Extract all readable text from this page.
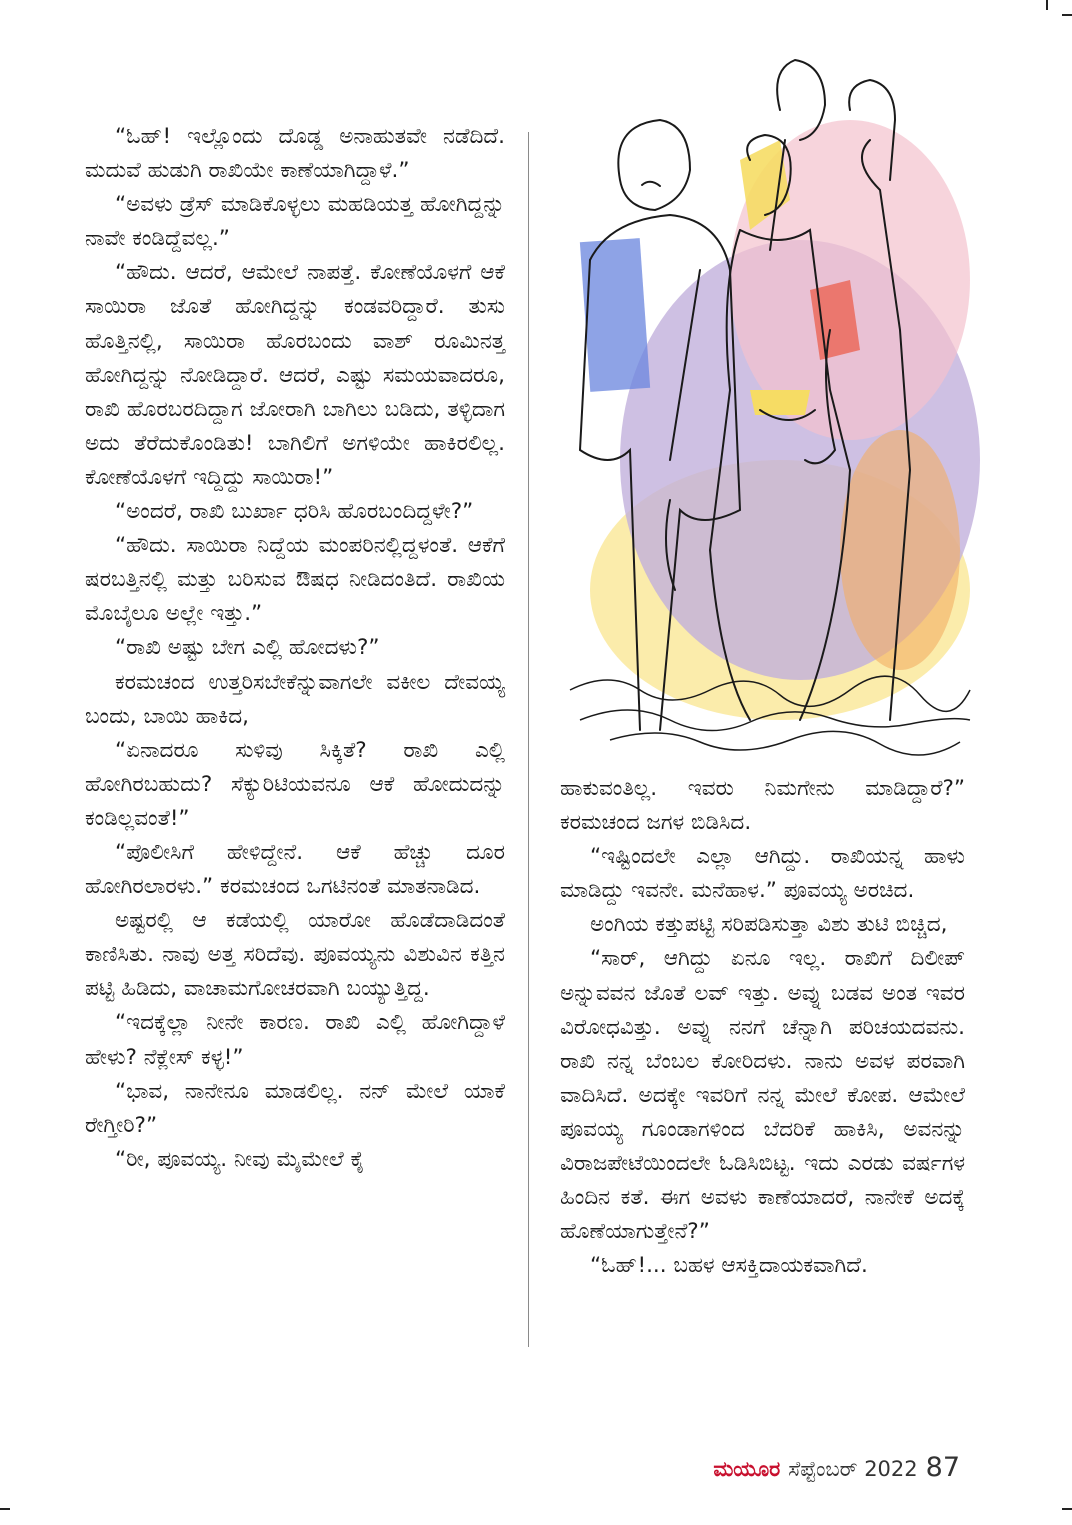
“ಓಹ್! ಇಲ್ಲೊಂದು ದೊಡ್ಡ ಅನಾಹುತವೇ ನಡೆದಿದೆ. ಮದುವೆ ಹುಡುಗಿ ರಾಖಿಯೇ ಕಾಣೆಯಾಗಿದ್ದಾಳೆ.”

“ಅವಳು ಡ್ರೆಸ್ ಮಾಡಿಕೊಳ್ಳಲು ಮಹಡಿಯತ್ತ ಹೋಗಿದ್ದನ್ನು ನಾವೇ ಕಂಡಿದ್ದೆವಲ್ಲ.”

“ಹೌದು. ಆದರೆ, ಆಮೇಲೆ ನಾಪತ್ತೆ. ಕೋಣೆಯೊಳಗೆ ಆಕೆ ಸಾಯಿರಾ ಜೊತೆ ಹೋಗಿದ್ದನ್ನು ಕಂಡವರಿದ್ದಾರೆ. ತುಸು ಹೊತ್ತಿನಲ್ಲಿ, ಸಾಯಿರಾ ಹೊರಬಂದು ವಾಶ್ ರೂಮಿನತ್ತ ಹೋಗಿದ್ದನ್ನು ನೋಡಿದ್ದಾರೆ. ಆದರೆ, ಎಷ್ಟು ಸಮಯವಾದರೂ, ರಾಖಿ ಹೊರಬರದಿದ್ದಾಗ ಜೋರಾಗಿ ಬಾಗಿಲು ಬಡಿದು, ತಳ್ಳಿದಾಗ ಅದು ತೆರೆದುಕೊಂಡಿತು! ಬಾಗಿಲಿಗೆ ಅಗಳಿಯೇ ಹಾಕಿರಲಿಲ್ಲ. ಕೋಣೆಯೊಳಗೆ ಇದ್ದಿದ್ದು ಸಾಯಿರಾ!”

“ಅಂದರೆ, ರಾಖಿ ಬುರ್ಖಾ ಧರಿಸಿ ಹೊರಬಂದಿದ್ದಳೇ?”

“ಹೌದು. ಸಾಯಿರಾ ನಿದ್ದೆಯ ಮಂಪರಿನಲ್ಲಿದ್ದಳಂತೆ. ಆಕೆಗೆ ಷರಬತ್ತಿನಲ್ಲಿ ಮತ್ತು ಬರಿಸುವ ಔಷಧ ನೀಡಿದಂತಿದೆ. ರಾಖಿಯ ಮೊಬೈಲೂ ಅಲ್ಲೇ ಇತ್ತು.”

“ರಾಖಿ ಅಷ್ಟು ಬೇಗ ಎಲ್ಲಿ ಹೋದಳು?”

ಕರಮಚಂದ ಉತ್ತರಿಸಬೇಕೆನ್ನುವಾಗಲೇ ವಕೀಲ ದೇವಯ್ಯ ಬಂದು, ಬಾಯಿ ಹಾಕಿದ,

“ಏನಾದರೂ ಸುಳಿವು ಸಿಕ್ಕಿತೆ? ರಾಖಿ ಎಲ್ಲಿ ಹೋಗಿರಬಹುದು? ಸೆಕ್ಯುರಿಟಿಯವನೂ ಆಕೆ ಹೋದುದನ್ನು ಕಂಡಿಲ್ಲವಂತೆ!”

“ಪೊಲೀಸಿಗೆ ಹೇಳಿದ್ದೇನೆ. ಆಕೆ ಹೆಚ್ಚು ದೂರ ಹೋಗಿರಲಾರಳು.” ಕರಮಚಂದ ಒಗಟಿನಂತೆ ಮಾತನಾಡಿದ.

ಅಷ್ಟರಲ್ಲಿ ಆ ಕಡೆಯಲ್ಲಿ ಯಾರೋ ಹೊಡೆದಾಡಿದಂತೆ ಕಾಣಿಸಿತು. ನಾವು ಅತ್ತ ಸರಿದೆವು. ಪೂವಯ್ಯನು ವಿಶುವಿನ ಕತ್ತಿನ ಪಟ್ಟಿ ಹಿಡಿದು, ವಾಚಾಮಗೋಚರವಾಗಿ ಬಯ್ಯುತ್ತಿದ್ದ.

“ಇದಕ್ಕೆಲ್ಲಾ ನೀನೇ ಕಾರಣ. ರಾಖಿ ಎಲ್ಲಿ ಹೋಗಿದ್ದಾಳೆ ಹೇಳು? ನೆಕ್ಲೇಸ್ ಕಳ್ಳ!”

“ಭಾವ, ನಾನೇನೂ ಮಾಡಲಿಲ್ಲ. ನನ್ ಮೇಲೆ ಯಾಕೆ ರೇಗ್ತೀರಿ?”

“ರೀ, ಪೂವಯ್ಯ. ನೀವು ಮೈಮೇಲೆ ಕೈ

ಹಾಕುವಂತಿಲ್ಲ. ಇವರು ನಿಮಗೇನು ಮಾಡಿದ್ದಾರೆ?” ಕರಮಚಂದ ಜಗಳ ಬಿಡಿಸಿದ.

“ಇಷ್ಟಿಂದಲೇ ಎಲ್ಲಾ ಆಗಿದ್ದು. ರಾಖಿಯನ್ನ ಹಾಳು ಮಾಡಿದ್ದು ಇವನೇ. ಮನೆಹಾಳ.” ಪೂವಯ್ಯ ಅರಚಿದ.

ಅಂಗಿಯ ಕತ್ತುಪಟ್ಟಿ ಸರಿಪಡಿಸುತ್ತಾ ವಿಶು ತುಟಿ ಬಿಚ್ಚಿದ,

“ಸಾರ್, ಆಗಿದ್ದು ಏನೂ ಇಲ್ಲ. ರಾಖಿಗೆ ದಿಲೀಪ್ ಅನ್ನುವವನ ಜೊತೆ ಲವ್ ಇತ್ತು. ಅವ್ನು ಬಡವ ಅಂತ ಇವರ ವಿರೋಧವಿತ್ತು. ಅವ್ನು ನನಗೆ ಚೆನ್ನಾಗಿ ಪರಿಚಯದವನು. ರಾಖಿ ನನ್ನ ಬೆಂಬಲ ಕೋರಿದಳು. ನಾನು ಅವಳ ಪರವಾಗಿ ವಾದಿಸಿದೆ. ಅದಕ್ಕೇ ಇವರಿಗೆ ನನ್ನ ಮೇಲೆ ಕೋಪ. ಆಮೇಲೆ ಪೂವಯ್ಯ ಗೂಂಡಾಗಳಿಂದ ಬೆದರಿಕೆ ಹಾಕಿಸಿ, ಅವನನ್ನು ವಿರಾಜಪೇಟೆಯಿಂದಲೇ ಓಡಿಸಿಬಿಟ್ಟ. ಇದು ಎರಡು ವರ್ಷಗಳ ಹಿಂದಿನ ಕತೆ. ಈಗ ಅವಳು ಕಾಣೆಯಾದರೆ, ನಾನೇಕೆ ಅದಕ್ಕೆ ಹೊಣೆಯಾಗುತ್ತೇನೆ?”

“ಓಹ್!... ಬಹಳ ಆಸಕ್ತಿದಾಯಕವಾಗಿದೆ.

ಮಯೂರ ಸೆಪ್ಟೆಂಬರ್ 2022 87
